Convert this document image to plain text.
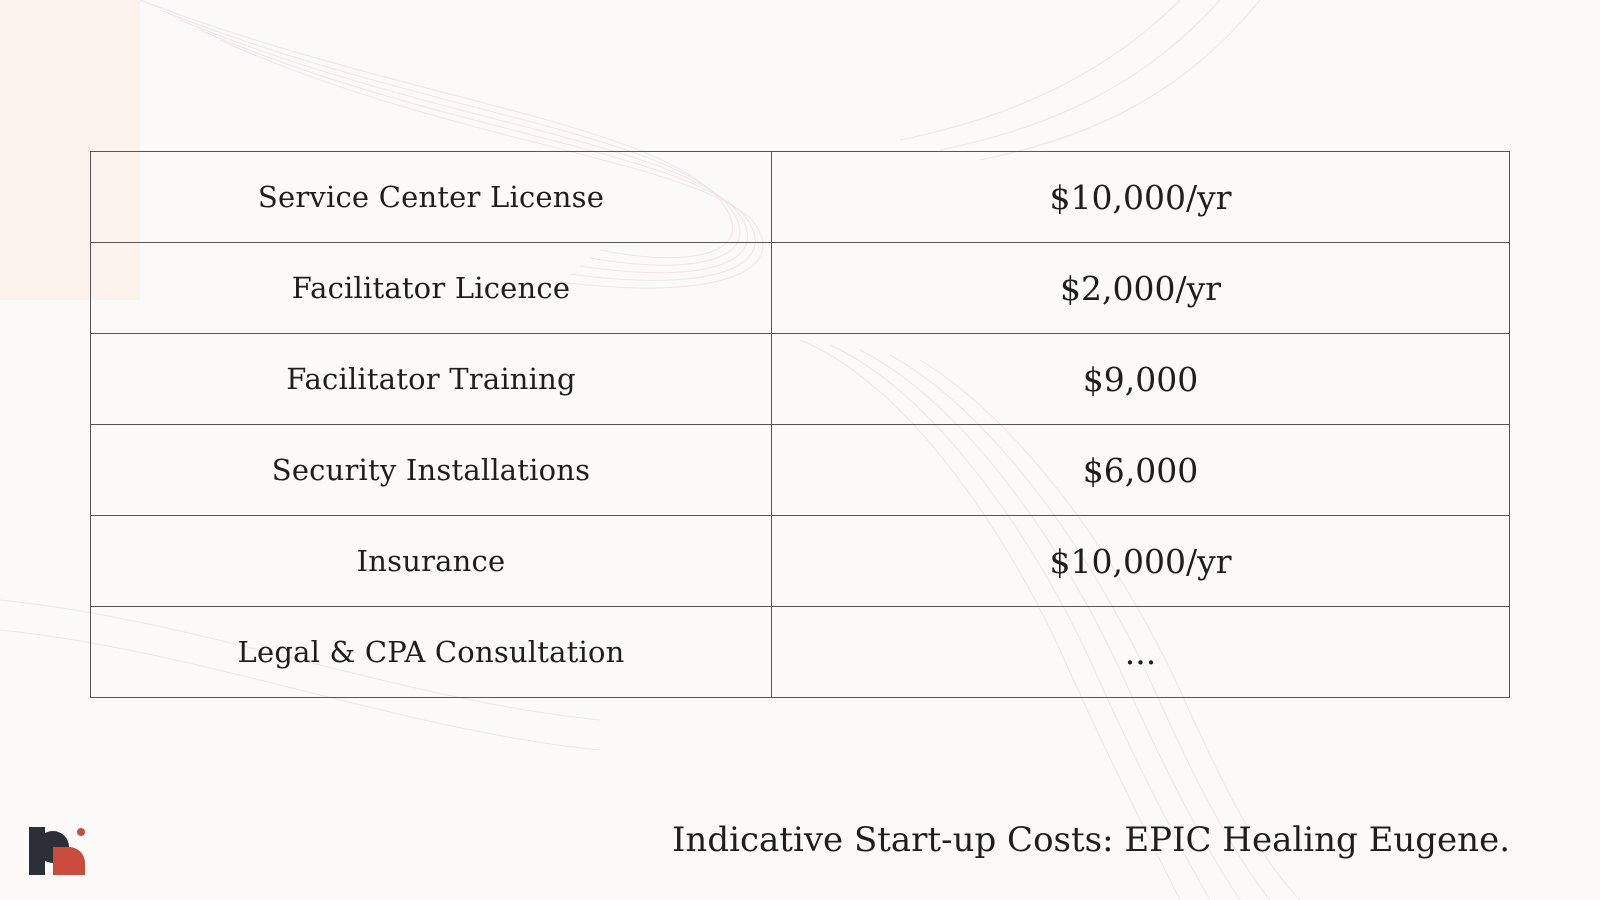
Service Center License	$10,000/yr
Facilitator Licence	$2,000/yr
Facilitator Training	$9,000
Security Installations	$6,000
Insurance	$10,000/yr
Legal & CPA Consultation	...
Indicative Start-up Costs: EPIC Healing Eugene.
